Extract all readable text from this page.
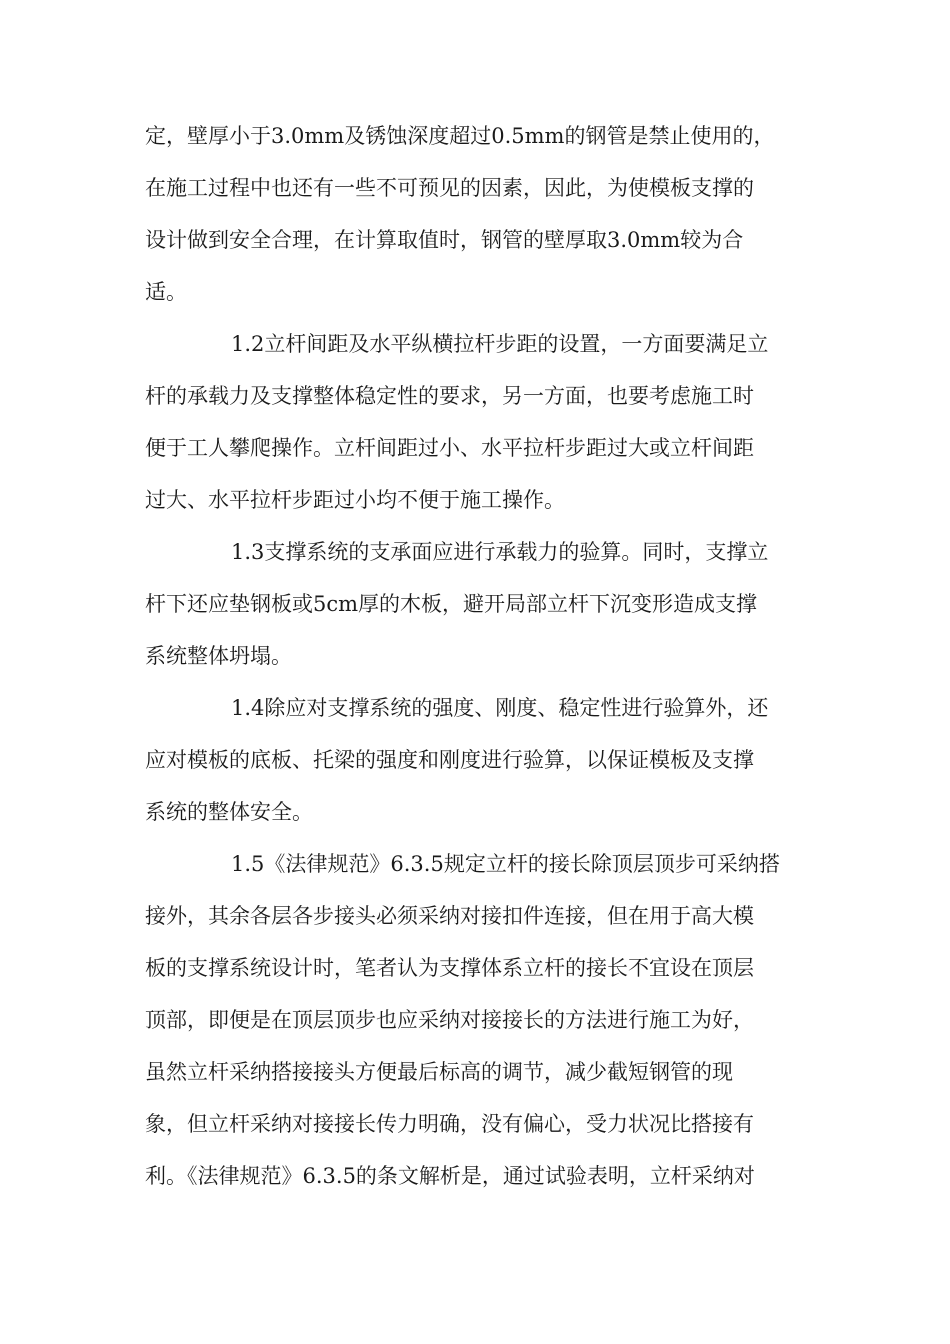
定，壁厚小于3.0mm及锈蚀深度超过0.5mm的钢管是禁止使用的，
在施工过程中也还有一些不可预见的因素，因此，为使模板支撑的
设计做到安全合理，在计算取值时，钢管的壁厚取3.0mm较为合
适。
1.2立杆间距及水平纵横拉杆步距的设置，一方面要满足立
杆的承载力及支撑整体稳定性的要求，另一方面，也要考虑施工时
便于工人攀爬操作。立杆间距过小、水平拉杆步距过大或立杆间距
过大、水平拉杆步距过小均不便于施工操作。
1.3支撑系统的支承面应进行承载力的验算。同时，支撑立
杆下还应垫钢板或5cm厚的木板，避开局部立杆下沉变形造成支撑
系统整体坍塌。
1.4除应对支撑系统的强度、刚度、稳定性进行验算外，还
应对模板的底板、托梁的强度和刚度进行验算，以保证模板及支撑
系统的整体安全。
1.5《法律规范》6.3.5规定立杆的接长除顶层顶步可采纳搭
接外，其余各层各步接头必须采纳对接扣件连接，但在用于高大模
板的支撑系统设计时，笔者认为支撑体系立杆的接长不宜设在顶层
顶部，即便是在顶层顶步也应采纳对接接长的方法进行施工为好，
虽然立杆采纳搭接接头方便最后标高的调节，减少截短钢管的现
象，但立杆采纳对接接长传力明确，没有偏心，受力状况比搭接有
利。《法律规范》6.3.5的条文解析是，通过试验表明，立杆采纳对
